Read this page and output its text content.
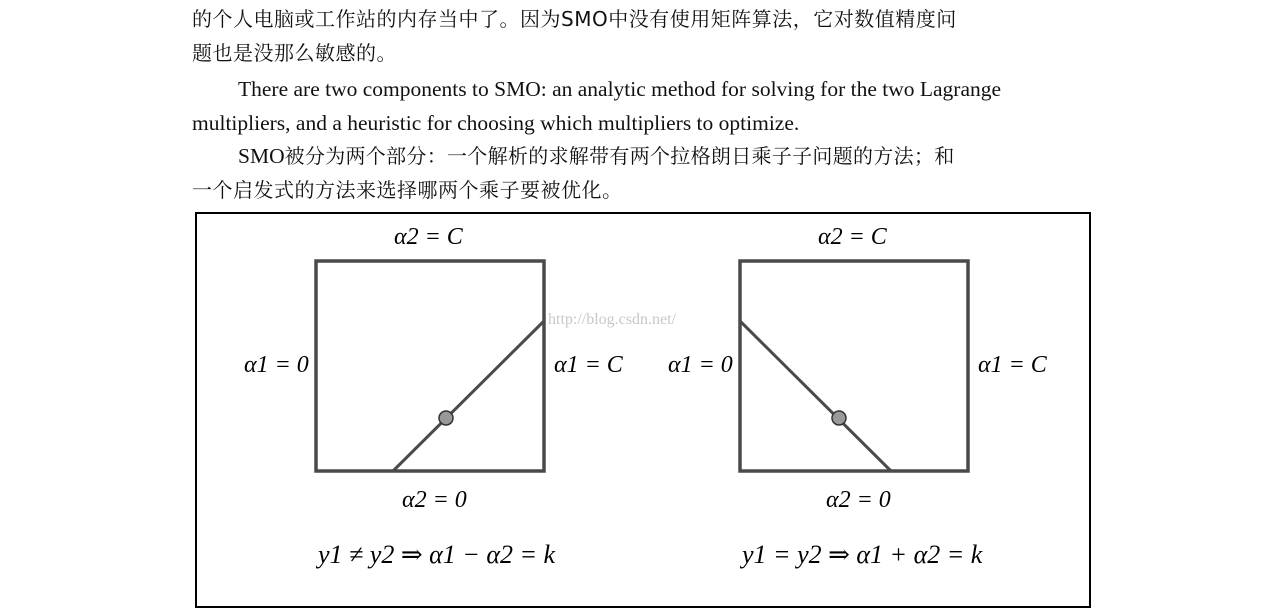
的个人电脑或工作站的内存当中了。因为SMO中没有使用矩阵算法，它对数值精度问
题也是没那么敏感的。
There are two components to SMO: an analytic method for solving for the two Lagrange
multipliers, and a heuristic for choosing which multipliers to optimize.
SMO被分为两个部分：一个解析的求解带有两个拉格朗日乘子子问题的方法；和
一个启发式的方法来选择哪两个乘子要被优化。
α2 = C
α1 = 0	α1 = C
α2 = 0
y1 ≠ y2 ⇒ α1 − α2 = k
α2 = C
α1 = 0	α1 = C
α2 = 0
y1 = y2 ⇒ α1 + α2 = k
http://blog.csdn.net/
